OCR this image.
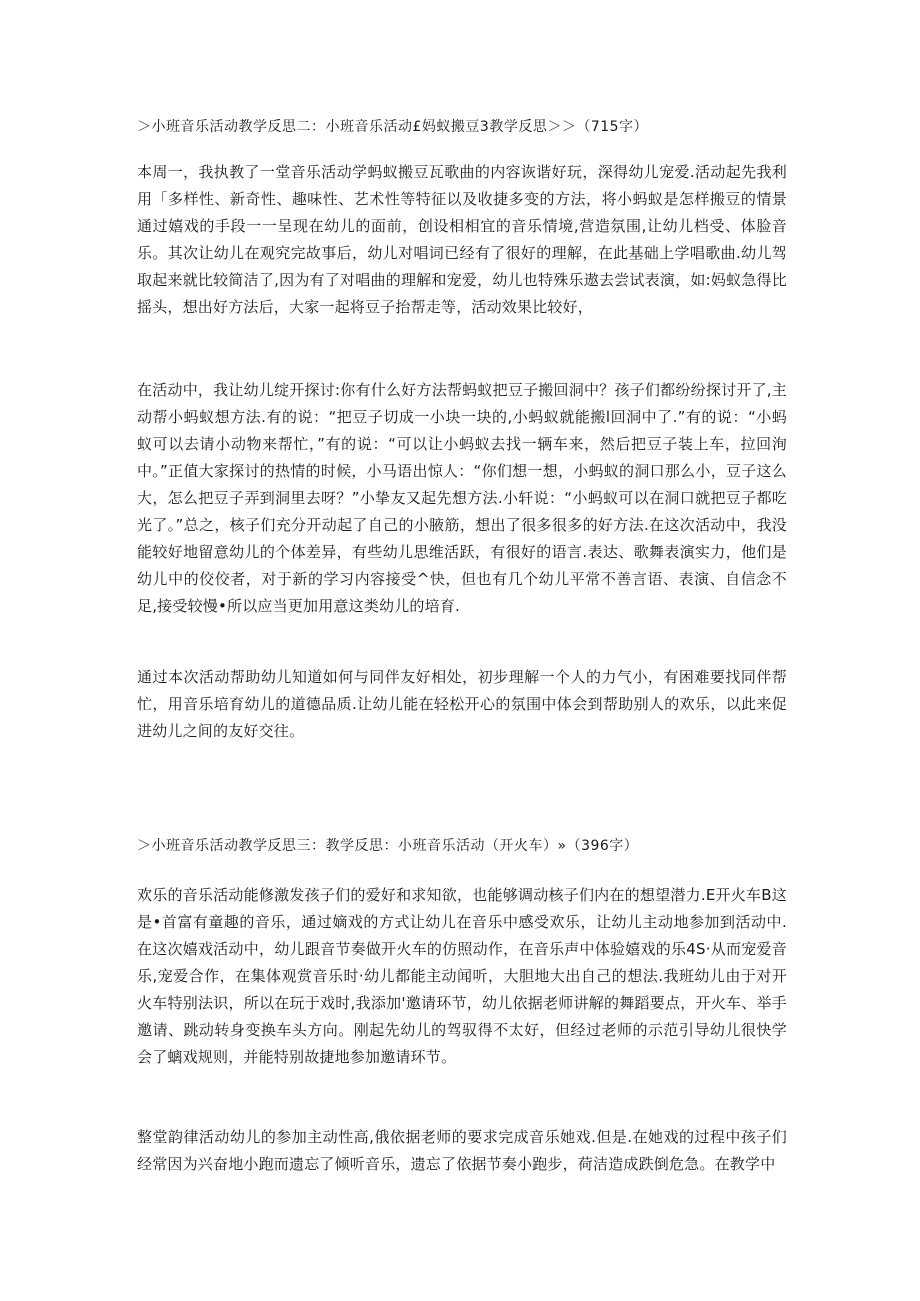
＞小班音乐活动教学反思二：小班音乐活动£妈蚁搬豆3教学反思＞＞（715字）

本周一，我执教了一堂音乐活动学蚂蚁搬豆瓦歌曲的内容诙谐好玩，深得幼儿宠爱.活动起先我利用「多样性、新奇性、趣味性、艺术性等特征以及收捷多变的方法，将小蚂蚁是怎样搬豆的情景通过嬉戏的手段一一呈现在幼儿的面前，创设相相宜的音乐情境,营造氛围,让幼儿档受、体脸音乐。其次让幼儿在观究完故事后，幼儿对唱词已经有了很好的理解，在此基础上学唱歌曲.幼儿驾取起来就比较简洁了,因为有了对唱曲的理解和宠爱，幼儿也特殊乐遨去尝试表演，如:妈蚁急得比摇头，想出好方法后，大家一起将豆子抬帮走等，活动效果比较好，

在活动中，我让幼儿绽开探讨:你有什么好方法帮蚂蚁把豆子搬回洞中？孩子们都纷纷探讨开了,主动帮小蚂蚁想方法.有的说：“把豆子切成一小块一块的,小蚂蚁就能搬l回洞中了.”有的说：“小蚂蚁可以去请小动物来帮忙，”有的说：“可以让小蚂蚁去找一辆车来，然后把豆子装上车，拉回洵中。”正值大家探讨的热情的时候，小马语出惊人：“你们想一想，小蚂蚁的洞口那么小，豆子这么大，怎么把豆子弄到洞里去呀？”小挚友又起先想方法.小轩说：“小蚂蚁可以在洞口就把豆子都吃光了。”总之，核子们充分开动起了自己的小腋筋，想出了很多很多的好方法.在这次活动中，我没能较好地留意幼儿的个体差异，有些幼儿思维活跃，有很好的语言.表达、歌舞表演实力，他们是幼儿中的佼佼者，对于新的学习内容接受^快，但也有几个幼儿平常不善言语、表演、自信念不足,接受较慢•所以应当更加用意这类幼儿的培育.

通过本次活动帮助幼儿知道如何与同伴友好相处，初步理解一个人的力气小，有困难要找同伴帮忙，用音乐培育幼儿的道德品质.让幼儿能在轻松开心的氛围中体会到帮助别人的欢乐，以此来促进幼儿之间的友好交往。

＞小班音乐活动教学反思三：教学反思：小班音乐活动（开火车）»（396字）

欢乐的音乐活动能修激发孩子们的爱好和求知欲，也能够调动核子们内在的想望潜力.E开火车B这是•首富有童趣的音乐，通过嫡戏的方式让幼儿在音乐中感受欢乐，让幼儿主动地参加到活动中.在这次嬉戏活动中，幼儿跟音节奏做开火车的仿照动作，在音乐声中体验嬉戏的乐4S·从而宠爱音乐,宠爱合作，在集体观赏音乐时·幼儿都能主动闻听，大胆地大出自己的想法.我班幼儿由于对开火车特别法识，所以在玩于戏时,我添加'邀请环节，幼儿依据老师讲解的舞蹈要点，开火车、举手邀请、跳动转身变换车头方向。刚起先幼儿的驾驭得不太好，但经过老师的示范引导幼儿很快学会了螭戏规则，并能特别故捷地参加邀请环节。

整堂韵律活动幼儿的参加主动性高,俄依据老师的要求完成音乐她戏.但是.在她戏的过程中孩子们经常因为兴奋地小跑而遗忘了倾听音乐，遗忘了依据节奏小跑步，荷洁造成跌倒危急。在教学中
